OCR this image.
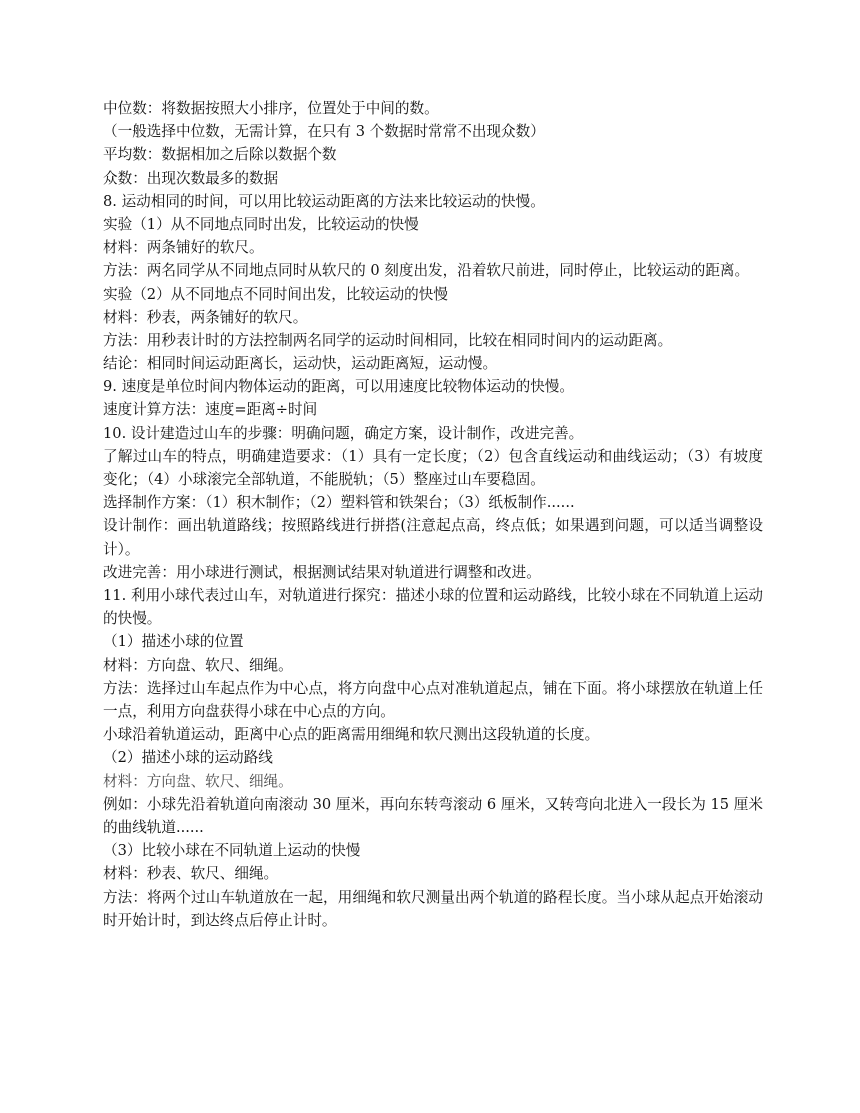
中位数：将数据按照大小排序，位置处于中间的数。

（一般选择中位数，无需计算，在只有 3 个数据时常常不出现众数）

平均数：数据相加之后除以数据个数

众数：出现次数最多的数据

8. 运动相同的时间，可以用比较运动距离的方法来比较运动的快慢。

实验（1）从不同地点同时出发，比较运动的快慢

材料：两条铺好的软尺。

方法：两名同学从不同地点同时从软尺的 0 刻度出发，沿着软尺前进，同时停止，比较运动的距离。

实验（2）从不同地点不同时间出发，比较运动的快慢

材料：秒表，两条铺好的软尺。

方法：用秒表计时的方法控制两名同学的运动时间相同，比较在相同时间内的运动距离。

结论：相同时间运动距离长，运动快，运动距离短，运动慢。

9. 速度是单位时间内物体运动的距离，可以用速度比较物体运动的快慢。

速度计算方法：速度=距离÷时间

10. 设计建造过山车的步骤：明确问题，确定方案，设计制作，改进完善。

了解过山车的特点，明确建造要求：（1）具有一定长度；（2）包含直线运动和曲线运动；（3）有坡度变化；（4）小球滚完全部轨道，不能脱轨；（5）整座过山车要稳固。

选择制作方案：（1）积木制作；（2）塑料管和铁架台；（3）纸板制作......

设计制作：画出轨道路线；按照路线进行拼搭(注意起点高，终点低；如果遇到问题，可以适当调整设计）。

改进完善：用小球进行测试，根据测试结果对轨道进行调整和改进。

11. 利用小球代表过山车，对轨道进行探究：描述小球的位置和运动路线，比较小球在不同轨道上运动的快慢。

（1）描述小球的位置

材料：方向盘、软尺、细绳。

方法：选择过山车起点作为中心点，将方向盘中心点对准轨道起点，铺在下面。将小球摆放在轨道上任一点，利用方向盘获得小球在中心点的方向。

小球沿着轨道运动，距离中心点的距离需用细绳和软尺测出这段轨道的长度。

（2）描述小球的运动路线

材料：方向盘、软尺、细绳。

例如：小球先沿着轨道向南滚动 30 厘米，再向东转弯滚动 6 厘米，又转弯向北进入一段长为 15 厘米的曲线轨道......

（3）比较小球在不同轨道上运动的快慢

材料：秒表、软尺、细绳。

方法：将两个过山车轨道放在一起，用细绳和软尺测量出两个轨道的路程长度。当小球从起点开始滚动时开始计时，到达终点后停止计时。
